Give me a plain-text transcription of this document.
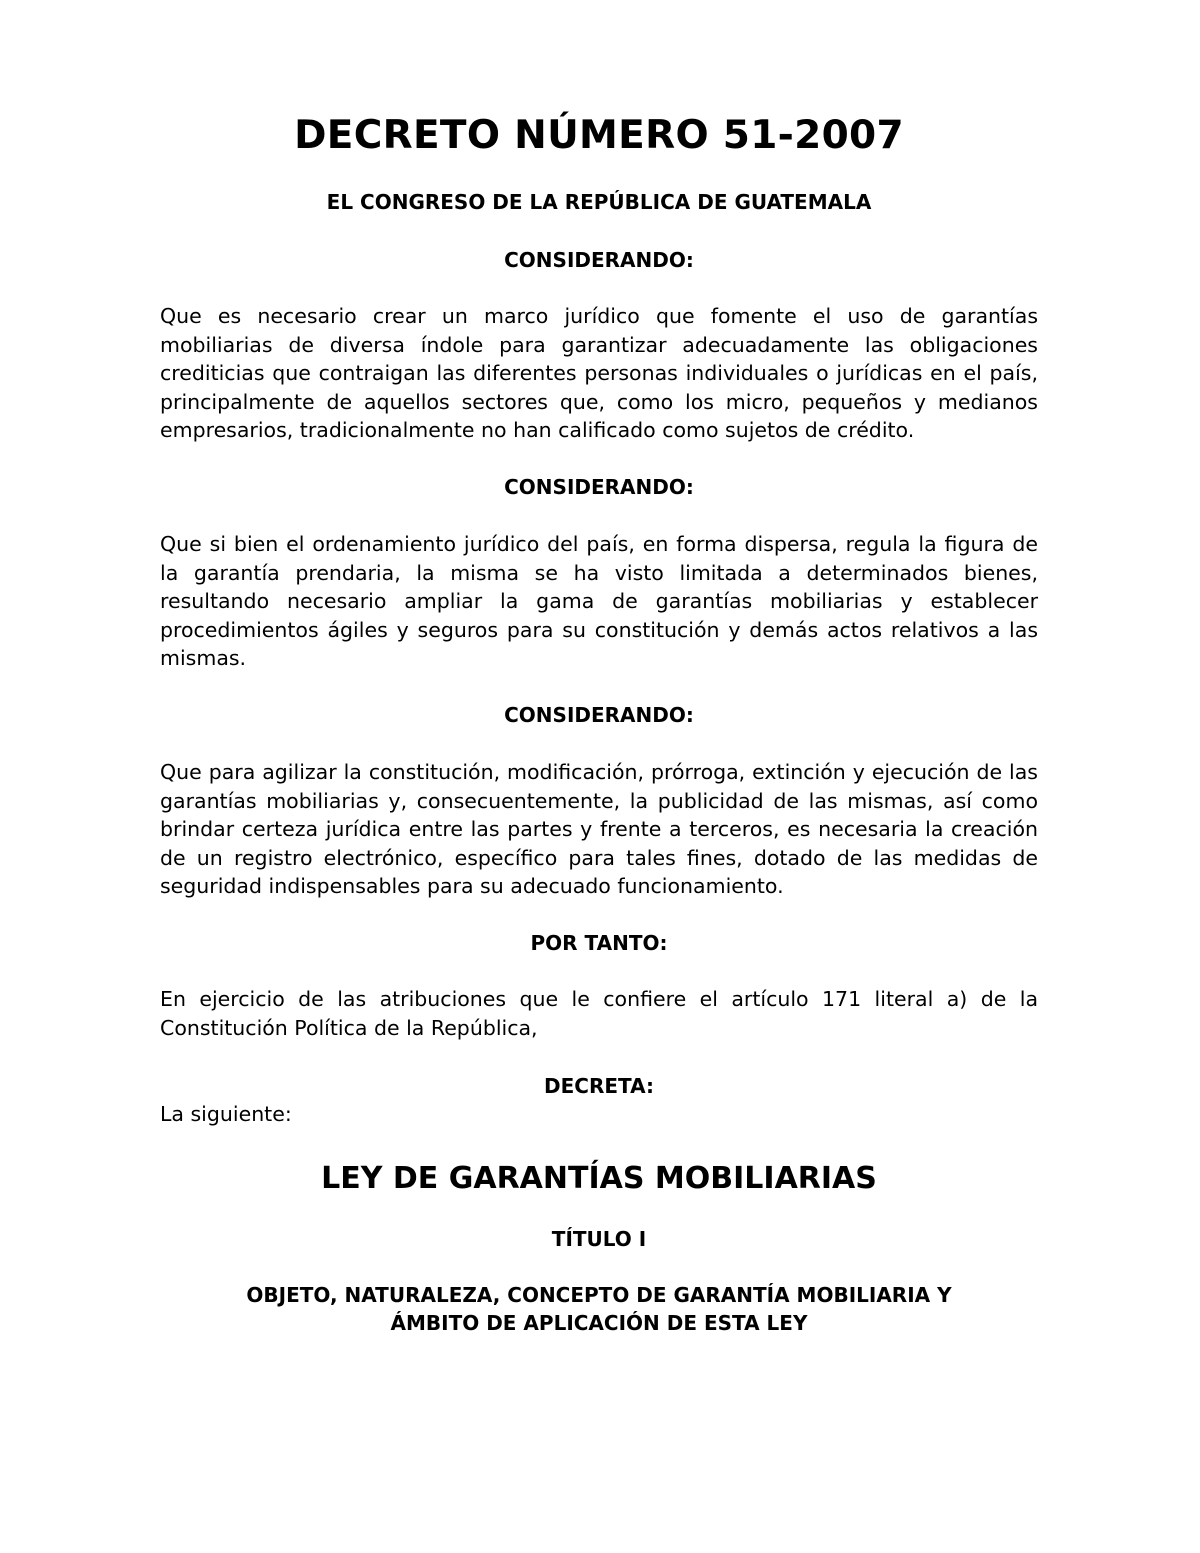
DECRETO NÚMERO 51-2007

EL CONGRESO DE LA REPÚBLICA DE GUATEMALA

CONSIDERANDO:

Que es necesario crear un marco jurídico que fomente el uso de garantías mobiliarias de diversa índole para garantizar adecuadamente las obligaciones crediticias que contraigan las diferentes personas individuales o jurídicas en el país, principalmente de aquellos sectores que, como los micro, pequeños y medianos empresarios, tradicionalmente no han calificado como sujetos de crédito.

CONSIDERANDO:

Que si bien el ordenamiento jurídico del país, en forma dispersa, regula la figura de la garantía prendaria, la misma se ha visto limitada a determinados bienes, resultando necesario ampliar la gama de garantías mobiliarias y establecer procedimientos ágiles y seguros para su constitución y demás actos relativos a las mismas.

CONSIDERANDO:

Que para agilizar la constitución, modificación, prórroga, extinción y ejecución de las garantías mobiliarias y, consecuentemente, la publicidad de las mismas, así como brindar certeza jurídica entre las partes y frente a terceros, es necesaria la creación de un registro electrónico, específico para tales fines, dotado de las medidas de seguridad indispensables para su adecuado funcionamiento.

POR TANTO:

En ejercicio de las atribuciones que le confiere el artículo 171 literal a) de la Constitución Política de la República,

DECRETA:

La siguiente:

LEY DE GARANTÍAS MOBILIARIAS

TÍTULO I

OBJETO, NATURALEZA, CONCEPTO DE GARANTÍA MOBILIARIA Y

ÁMBITO DE APLICACIÓN DE ESTA LEY
